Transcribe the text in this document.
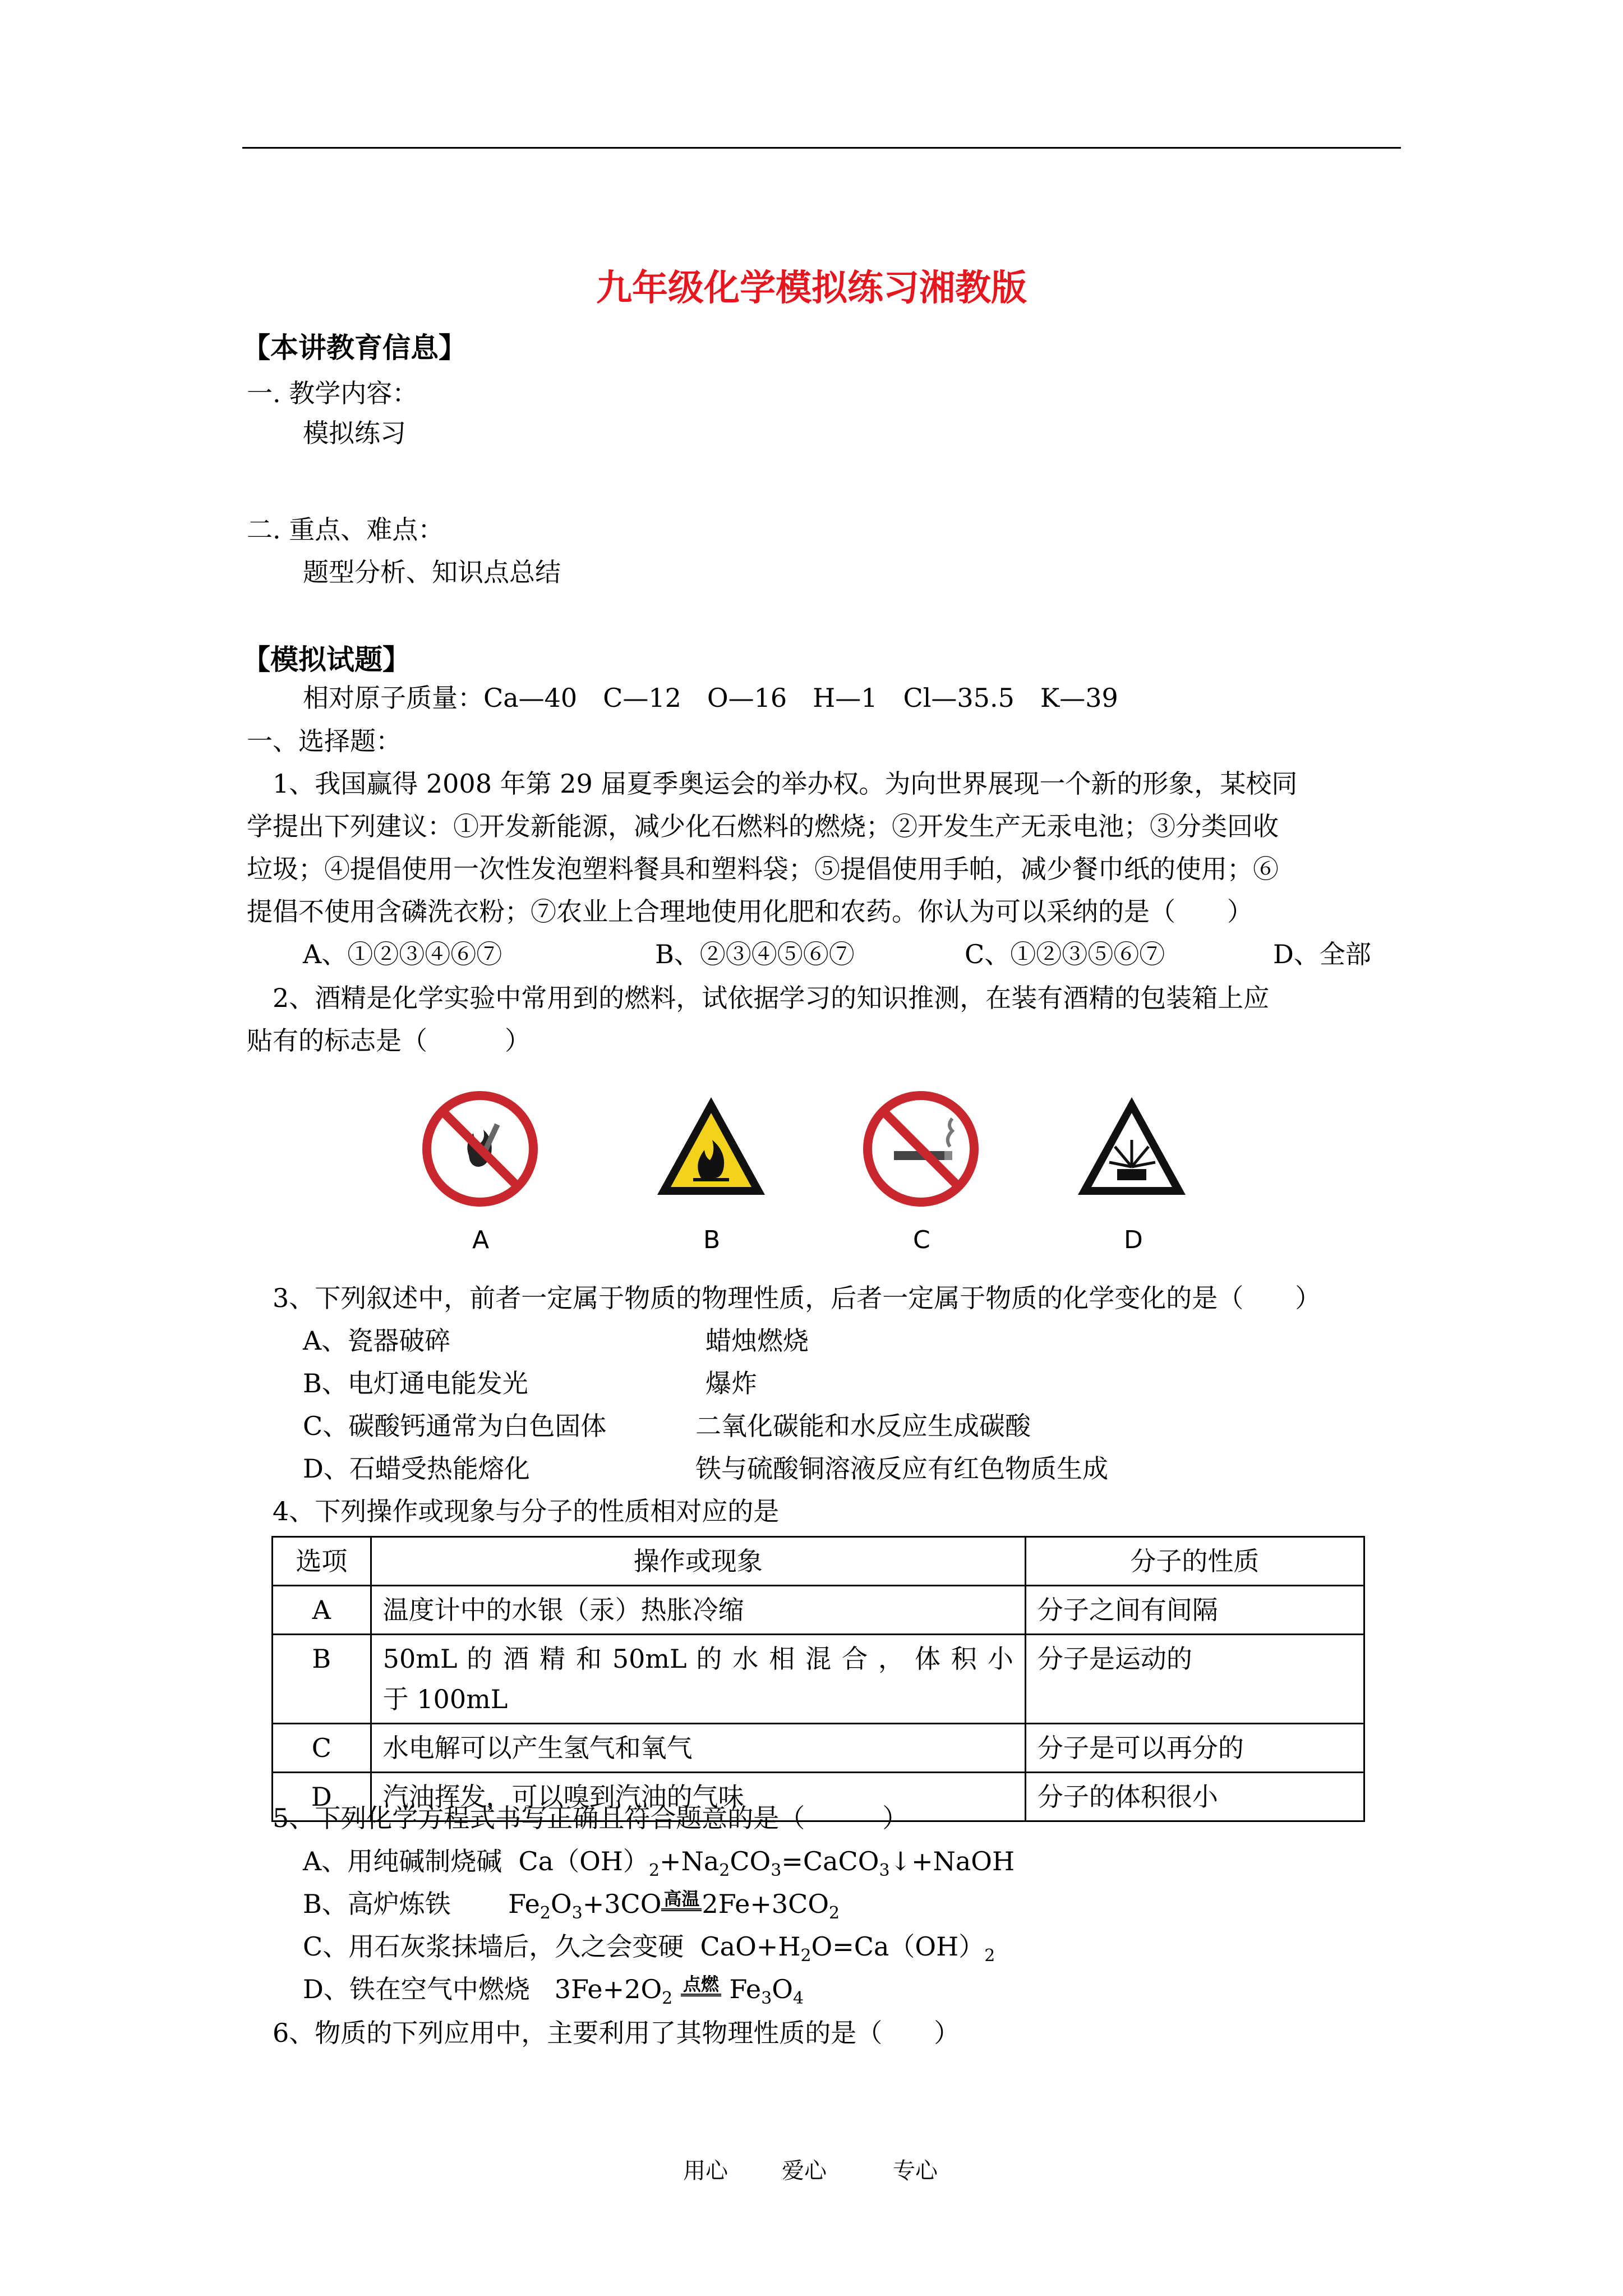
九年级化学模拟练习湘教版
【本讲教育信息】
一. 教学内容：
模拟练习
二. 重点、难点：
题型分析、知识点总结
【模拟试题】
相对原子质量：Ca—40　C—12　O—16　H—1　Cl—35.5　K—39
一、选择题：
1、我国赢得 2008 年第 29 届夏季奥运会的举办权。为向世界展现一个新的形象，某校同
学提出下列建议：①开发新能源，减少化石燃料的燃烧；②开发生产无汞电池；③分类回收
垃圾；④提倡使用一次性发泡塑料餐具和塑料袋；⑤提倡使用手帕，减少餐巾纸的使用；⑥
提倡不使用含磷洗衣粉；⑦农业上合理地使用化肥和农药。你认为可以采纳的是（　　）
A、①②③④⑥⑦	B、②③④⑤⑥⑦	C、①②③⑤⑥⑦	D、全部
2、酒精是化学实验中常用到的燃料，试依据学习的知识推测，在装有酒精的包装箱上应
贴有的标志是（　　　）
A	B	C	D
3、下列叙述中，前者一定属于物质的物理性质，后者一定属于物质的化学变化的是（　　）
A、瓷器破碎	蜡烛燃烧
B、电灯通电能发光	爆炸
C、碳酸钙通常为白色固体	二氧化碳能和水反应生成碳酸
D、石蜡受热能熔化	铁与硫酸铜溶液反应有红色物质生成
4、下列操作或现象与分子的性质相对应的是
选项	操作或现象	分子的性质
A	温度计中的水银（汞）热胀冷缩	分子之间有间隔
B	50mL 的 酒 精 和 50mL 的 水 相 混 合 ， 体 积 小 于 100mL	分子是运动的
C	水电解可以产生氢气和氧气	分子是可以再分的
D	汽油挥发，可以嗅到汽油的气味	分子的体积很小
5、下列化学方程式书写正确且符合题意的是（　　　）
A、用纯碱制烧碱  $Ca(OH)_2+Na_2CO_3=CaCO_3↓+NaOH$
B、高炉炼铁       $Fe_2O_3+3CO$ 高温$2Fe+3CO_2$
C、用石灰浆抹墙后，久之会变硬  $CaO+H_2O=Ca(OH)_2$
D、铁在空气中燃烧   $3Fe+2O_2$ 点燃 $Fe_3O_4$
6、物质的下列应用中，主要利用了其物理性质的是（　　）
用心 爱心	专心
